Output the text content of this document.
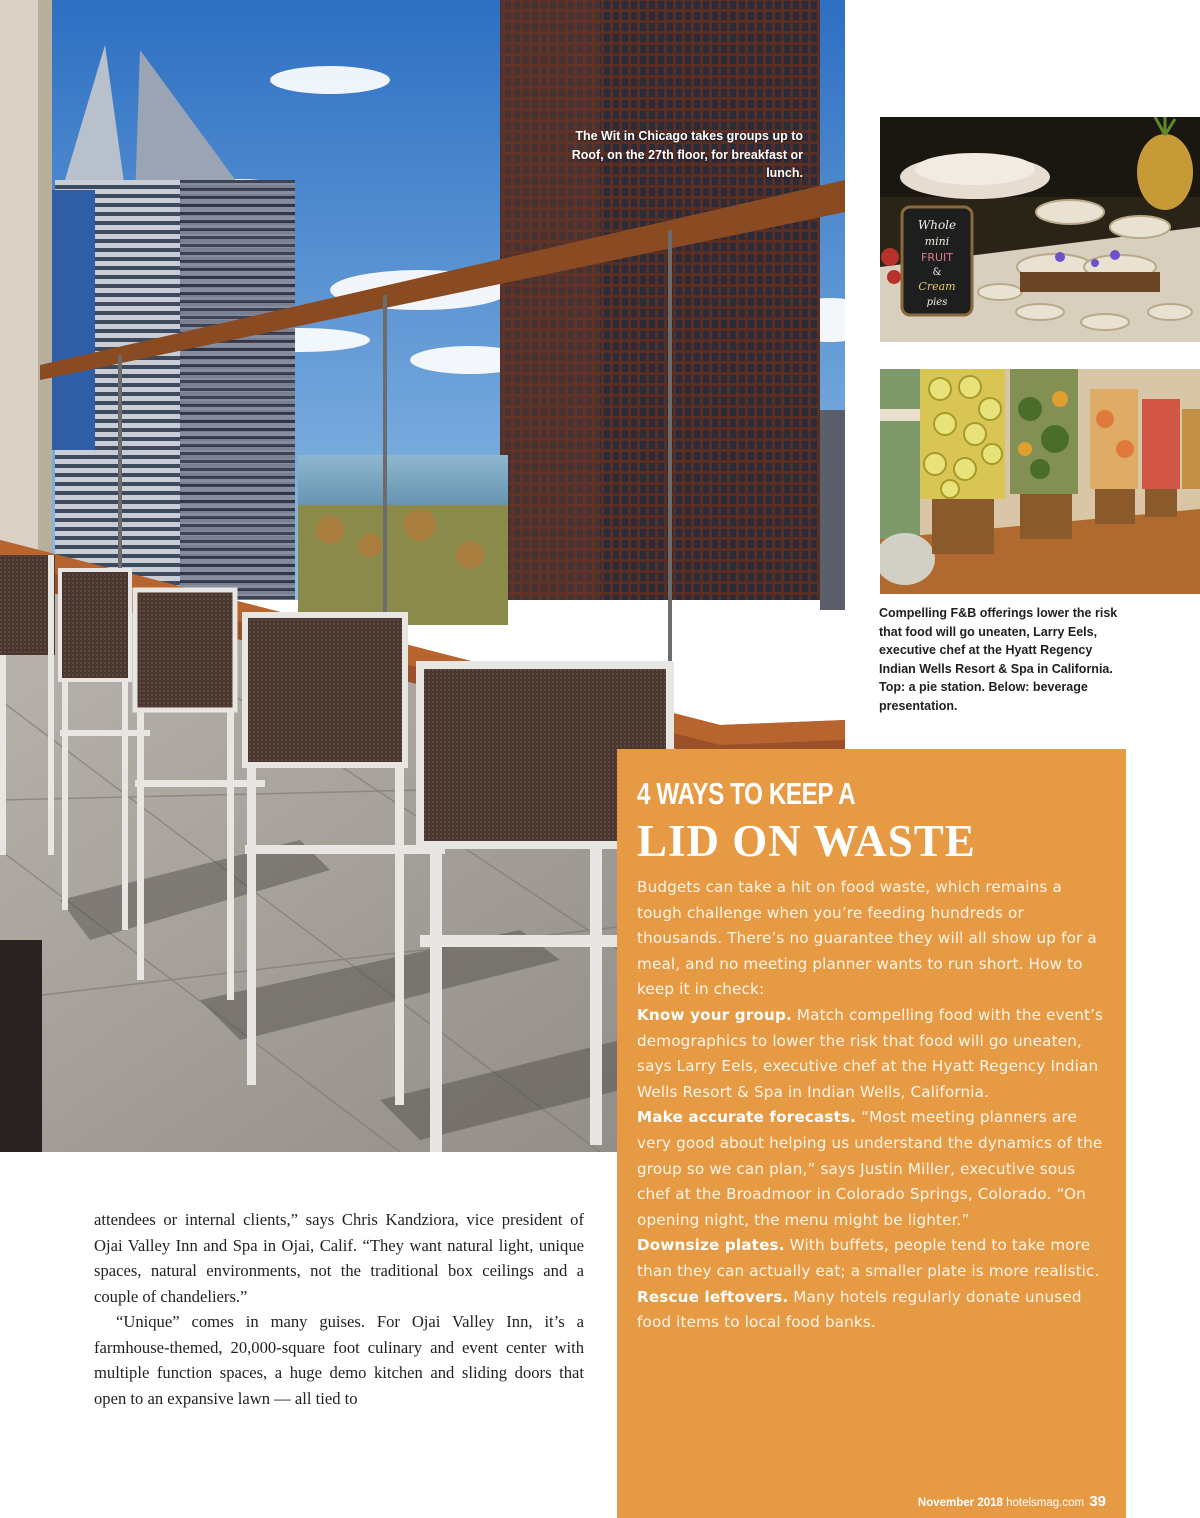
The Wit in Chicago takes groups up to Roof, on the 27th floor, for breakfast or lunch.
Whole
mini
FRUIT
&
Cream
pies
Compelling F&B offerings lower the risk that food will go uneaten, Larry Eels, executive chef at the Hyatt Regency Indian Wells Resort & Spa in California. Top: a pie station. Below: beverage presentation.

attendees or internal clients,” says Chris Kandziora, vice president of Ojai Valley Inn and Spa in Ojai, Calif. “They want natural light, unique spaces, natural environments, not the traditional box ceilings and a couple of chandeliers.”

“Unique” comes in many guises. For Ojai Valley Inn, it’s a farmhouse-themed, 20,000-square foot culinary and event center with multiple function spaces, a huge demo kitchen and sliding doors that open to an expansive lawn — all tied to

4 WAYS TO KEEP A
LID ON WASTE

Budgets can take a hit on food waste, which remains a tough challenge when you’re feeding hundreds or thousands. There’s no guarantee they will all show up for a meal, and no meeting planner wants to run short. How to keep it in check:

Know your group. Match compelling food with the event’s demographics to lower the risk that food will go uneaten, says Larry Eels, executive chef at the Hyatt Regency Indian Wells Resort & Spa in Indian Wells, California.

Make accurate forecasts. “Most meeting planners are very good about helping us understand the dynamics of the group so we can plan,” says Justin Miller, executive sous chef at the Broadmoor in Colorado Springs, Colorado. “On opening night, the menu might be lighter.”

Downsize plates. With buffets, people tend to take more than they can actually eat; a smaller plate is more realistic.

Rescue leftovers. Many hotels regularly donate unused food items to local food banks.

November 2018 hotelsmag.com 39
